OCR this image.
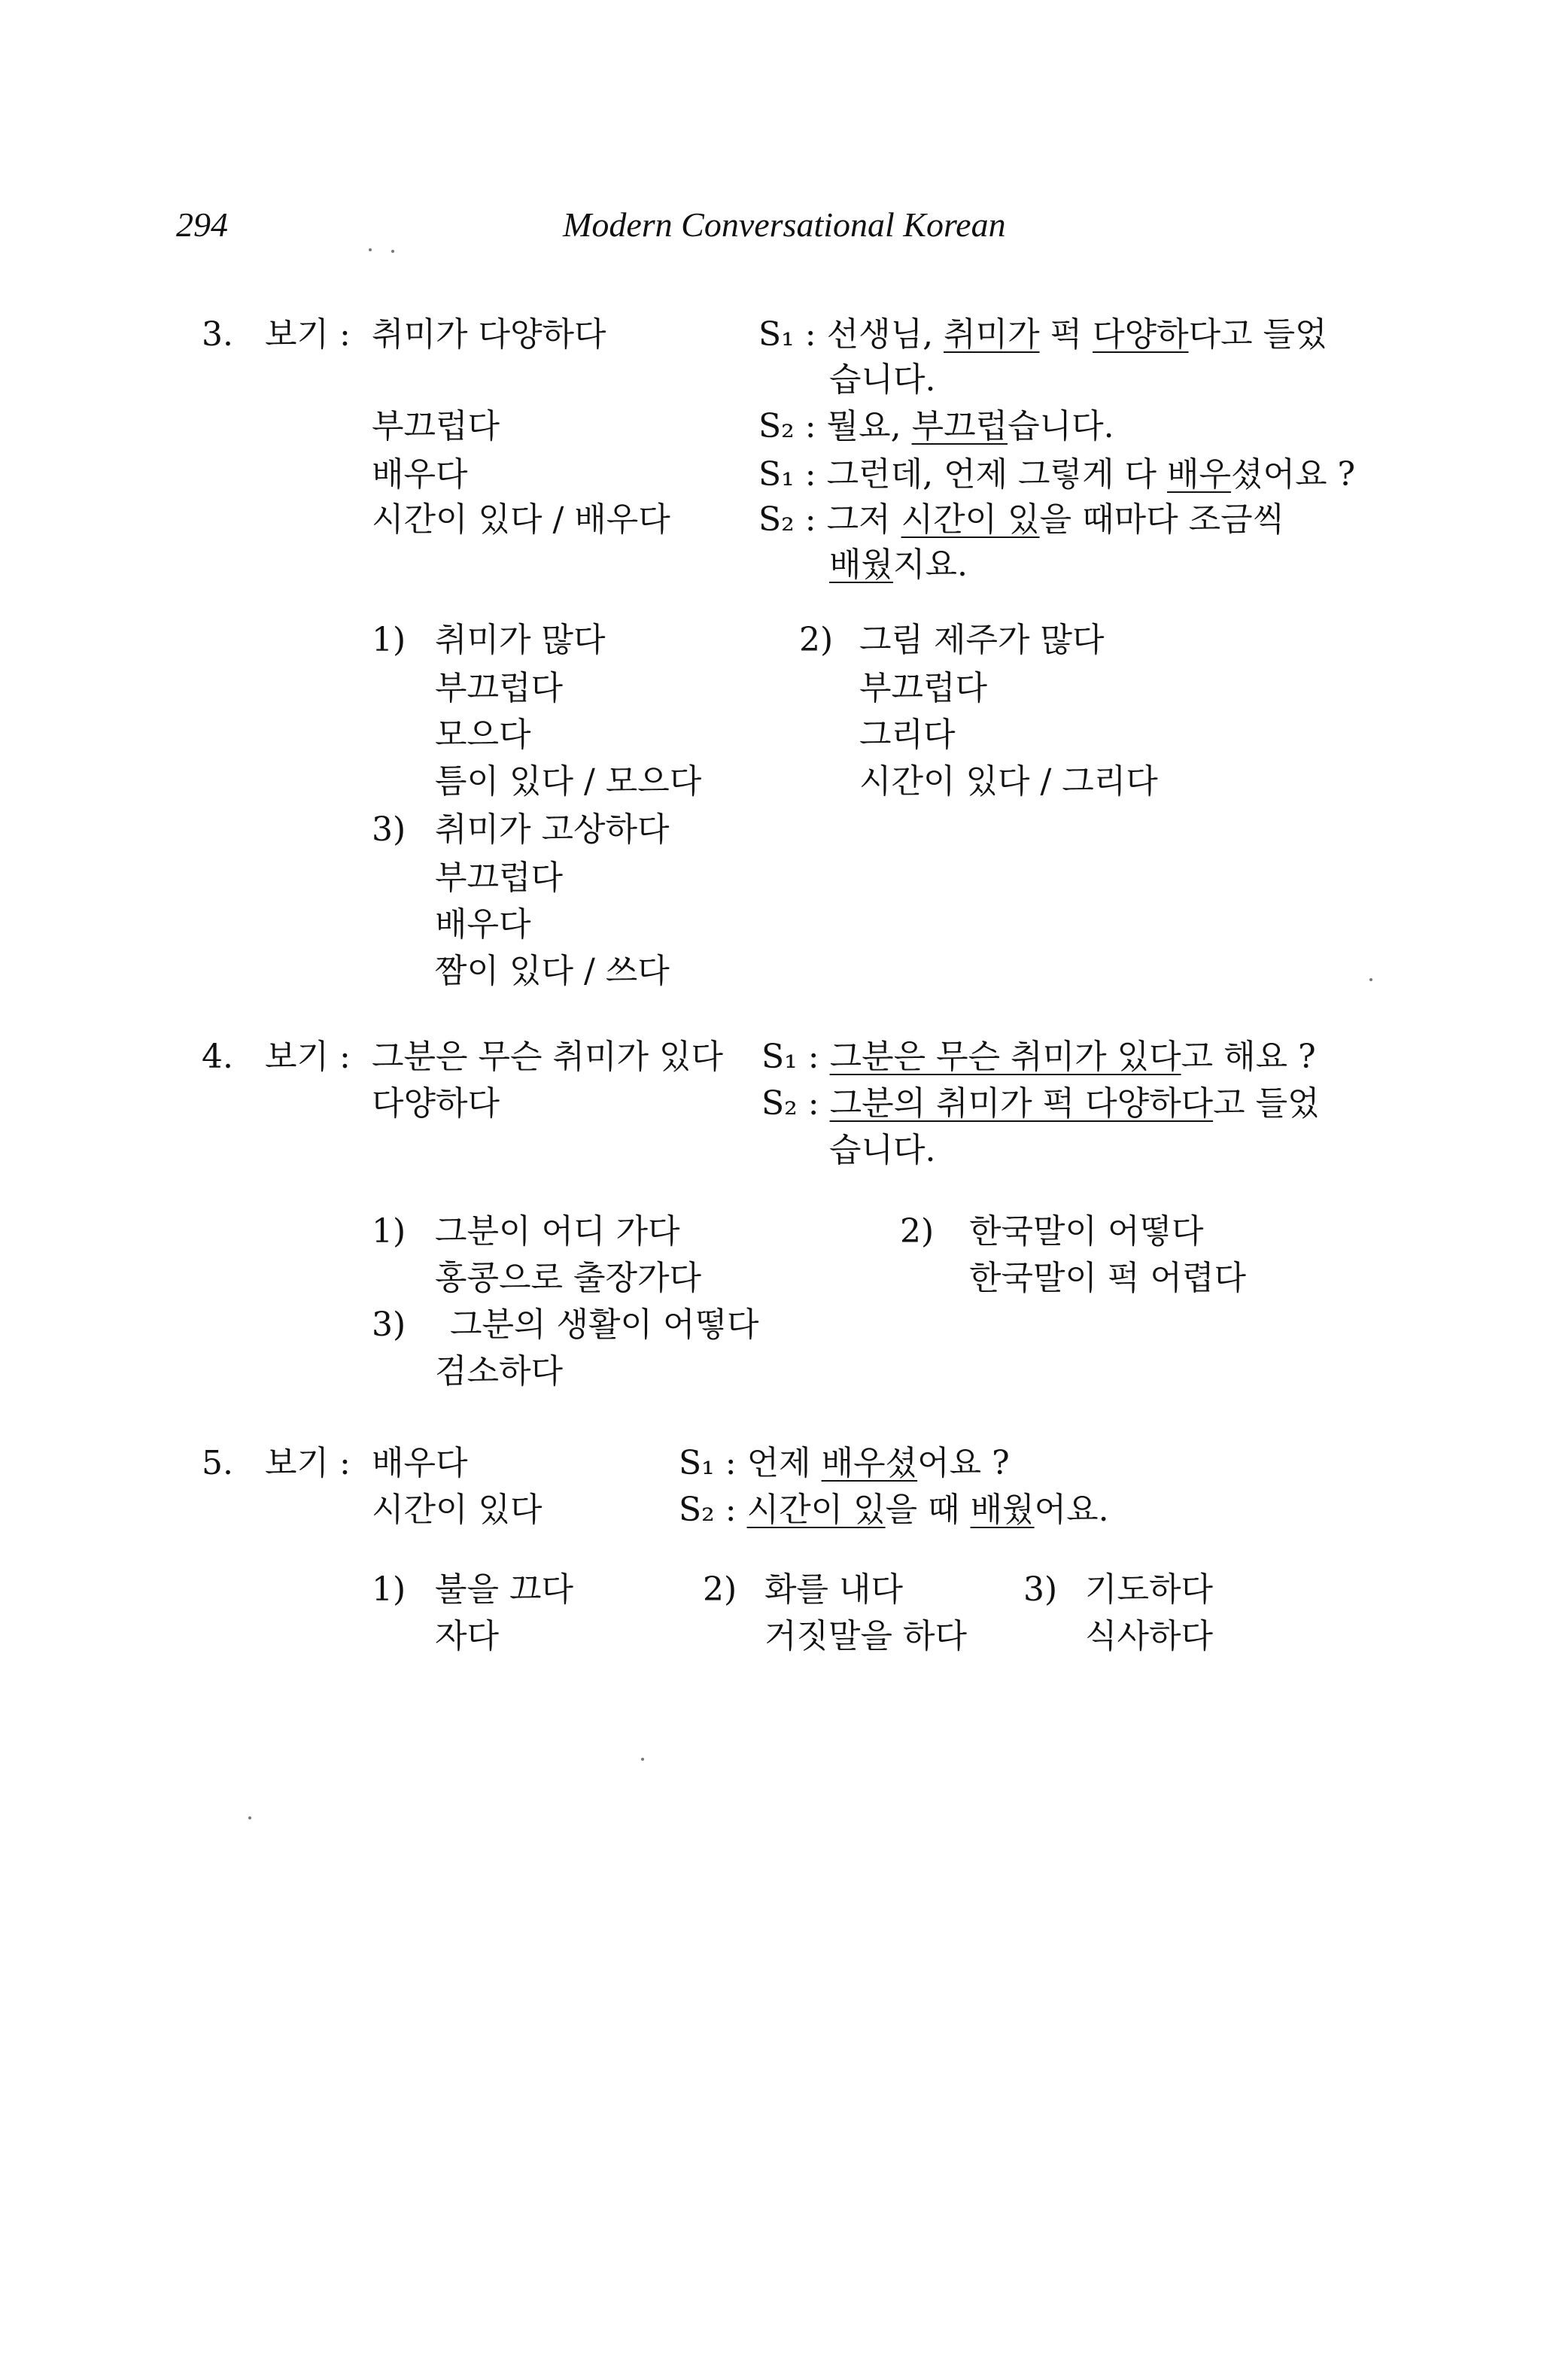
294	Modern Conversational Korean
3. 보기 : 취미가 다양하다
부끄럽다
배우다
시간이 있다 / 배우다
S₁ : 선생님, 취미가 퍽 다양하다고 들었
습니다.
S₂ : 뭘요, 부끄럽습니다.
S₁ : 그런데, 언제 그렇게 다 배우셨어요 ?
S₂ : 그저 시간이 있을 때마다 조금씩
배웠지요.
1) 취미가 많다
부끄럽다
모으다
틈이 있다 / 모으다
2) 그림 제주가 많다
부끄럽다
그리다
시간이 있다 / 그리다
3) 취미가 고상하다
부끄럽다
배우다
짬이 있다 / 쓰다
4. 보기 : 그분은 무슨 취미가 있다
다양하다
S₁ : 그분은 무슨 취미가 있다고 해요 ?
S₂ : 그분의 취미가 퍽 다양하다고 들었
습니다.
1) 그분이 어디 가다
홍콩으로 출장가다
2) 한국말이 어떻다
한국말이 퍽 어렵다
3) 그분의 생활이 어떻다
검소하다
5. 보기 : 배우다
시간이 있다
S₁ : 언제 배우셨어요 ?
S₂ : 시간이 있을 때 배웠어요.
1) 불을 끄다
자다
2) 화를 내다
거짓말을 하다
3) 기도하다
식사하다
